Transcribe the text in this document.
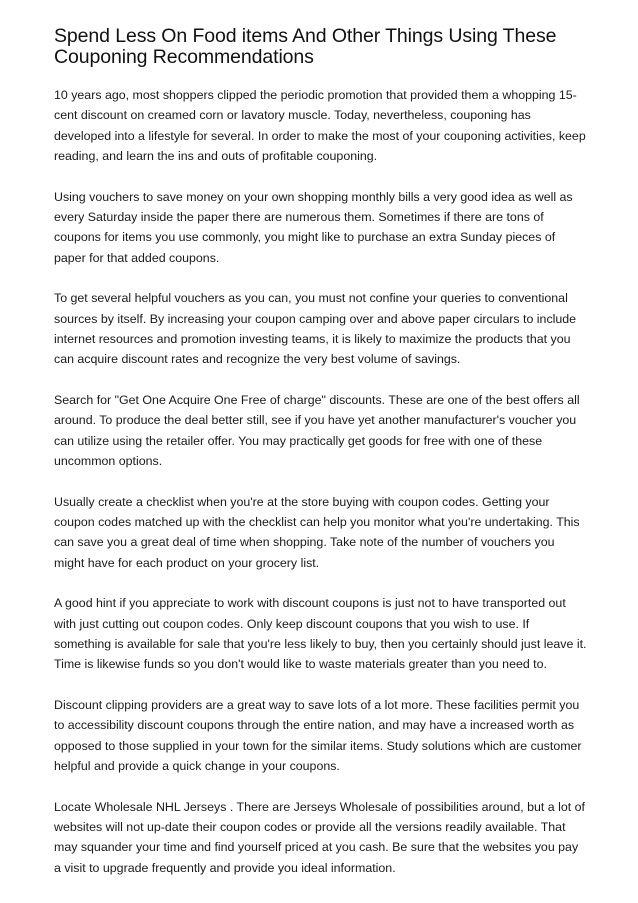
Spend Less On Food items And Other Things Using These Couponing Recommendations

10 years ago, most shoppers clipped the periodic promotion that provided them a whopping 15-cent discount on creamed corn or lavatory muscle. Today, nevertheless, couponing has developed into a lifestyle for several. In order to make the most of your couponing activities, keep reading, and learn the ins and outs of profitable couponing.

Using vouchers to save money on your own shopping monthly bills a very good idea as well as every Saturday inside the paper there are numerous them. Sometimes if there are tons of coupons for items you use commonly, you might like to purchase an extra Sunday pieces of paper for that added coupons.

To get several helpful vouchers as you can, you must not confine your queries to conventional sources by itself. By increasing your coupon camping over and above paper circulars to include internet resources and promotion investing teams, it is likely to maximize the products that you can acquire discount rates and recognize the very best volume of savings.

Search for "Get One Acquire One Free of charge" discounts. These are one of the best offers all around. To produce the deal better still, see if you have yet another manufacturer's voucher you can utilize using the retailer offer. You may practically get goods for free with one of these uncommon options.

Usually create a checklist when you're at the store buying with coupon codes. Getting your coupon codes matched up with the checklist can help you monitor what you're undertaking. This can save you a great deal of time when shopping. Take note of the number of vouchers you might have for each product on your grocery list.

A good hint if you appreciate to work with discount coupons is just not to have transported out with just cutting out coupon codes. Only keep discount coupons that you wish to use. If something is available for sale that you're less likely to buy, then you certainly should just leave it. Time is likewise funds so you don't would like to waste materials greater than you need to.

Discount clipping providers are a great way to save lots of a lot more. These facilities permit you to accessibility discount coupons through the entire nation, and may have a increased worth as opposed to those supplied in your town for the similar items. Study solutions which are customer helpful and provide a quick change in your coupons.

Locate Wholesale NHL Jerseys . There are Jerseys Wholesale of possibilities around, but a lot of websites will not up-date their coupon codes or provide all the versions readily available. That may squander your time and find yourself priced at you cash. Be sure that the websites you pay a visit to upgrade frequently and provide you ideal information.
